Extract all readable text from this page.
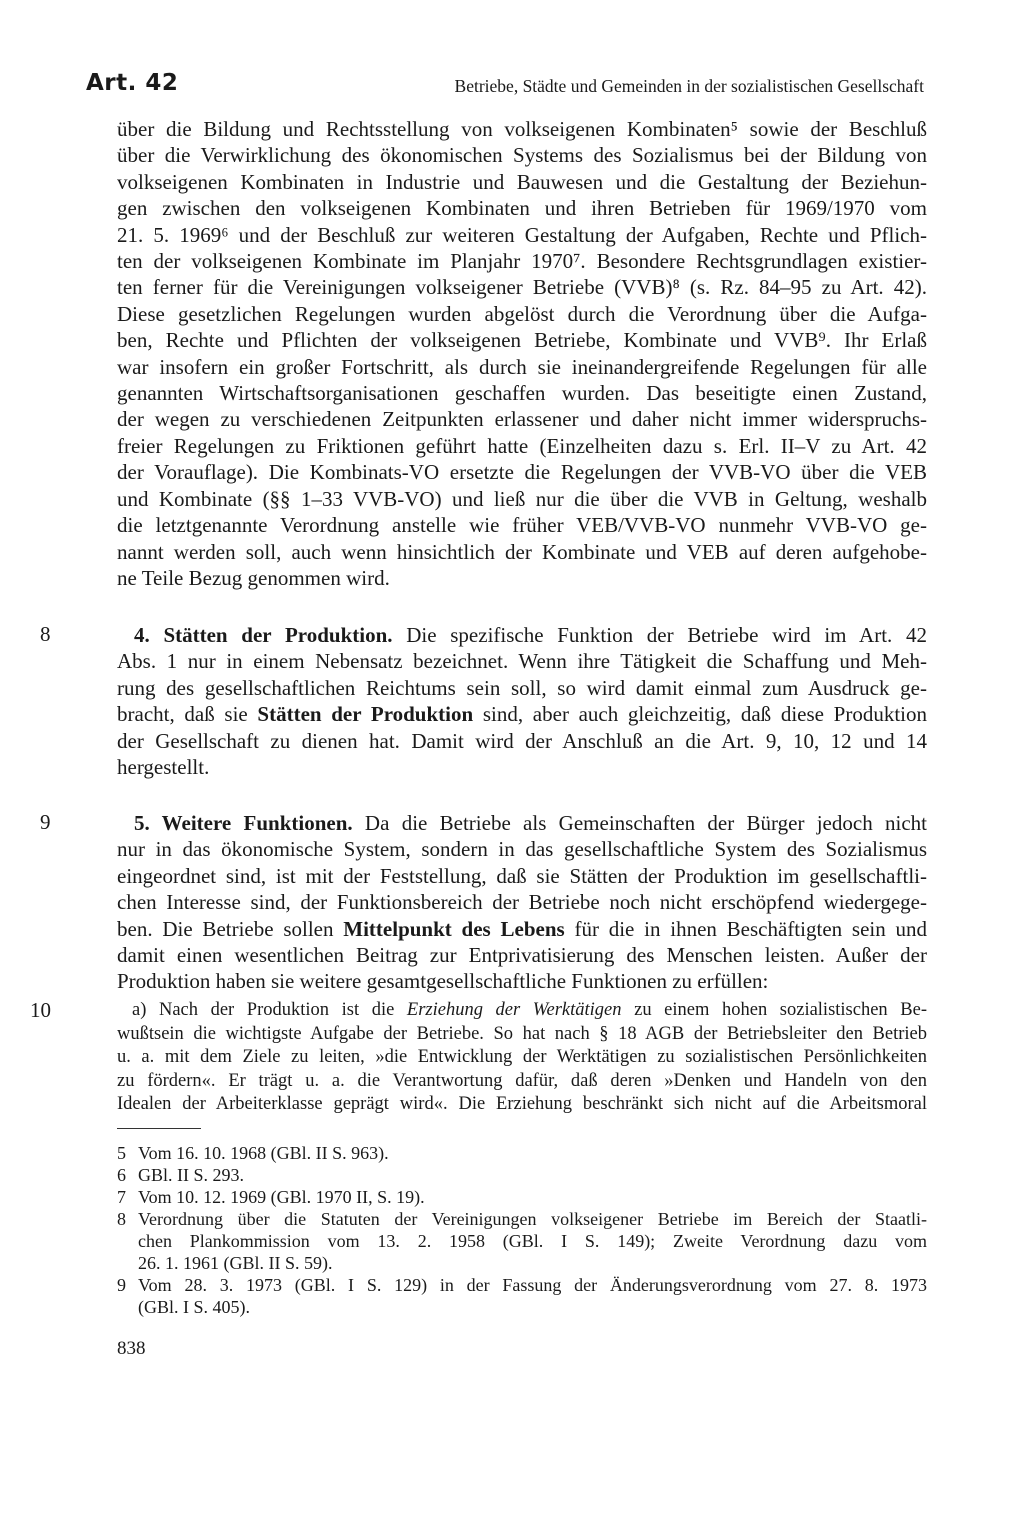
Art. 42	Betriebe, Städte und Gemeinden in der sozialistischen Gesellschaft
über die Bildung und Rechtsstellung von volkseigenen Kombinaten⁵ sowie der Beschluß
über die Verwirklichung des ökonomischen Systems des Sozialismus bei der Bildung von
volkseigenen Kombinaten in Industrie und Bauwesen und die Gestaltung der Beziehun-
gen zwischen den volkseigenen Kombinaten und ihren Betrieben für 1969/1970 vom
21. 5. 1969⁶ und der Beschluß zur weiteren Gestaltung der Aufgaben, Rechte und Pflich-
ten der volkseigenen Kombinate im Planjahr 1970⁷. Besondere Rechtsgrundlagen existier-
ten ferner für die Vereinigungen volkseigener Betriebe (VVB)⁸ (s. Rz. 84–95 zu Art. 42).
Diese gesetzlichen Regelungen wurden abgelöst durch die Verordnung über die Aufga-
ben, Rechte und Pflichten der volkseigenen Betriebe, Kombinate und VVB⁹. Ihr Erlaß
war insofern ein großer Fortschritt, als durch sie ineinandergreifende Regelungen für alle
genannten Wirtschaftsorganisationen geschaffen wurden. Das beseitigte einen Zustand,
der wegen zu verschiedenen Zeitpunkten erlassener und daher nicht immer widerspruchs-
freier Regelungen zu Friktionen geführt hatte (Einzelheiten dazu s. Erl. II–V zu Art. 42
der Vorauflage). Die Kombinats-VO ersetzte die Regelungen der VVB-VO über die VEB
und Kombinate (§§ 1–33 VVB-VO) und ließ nur die über die VVB in Geltung, weshalb
die letztgenannte Verordnung anstelle wie früher VEB/VVB-VO nunmehr VVB-VO ge-
nannt werden soll, auch wenn hinsichtlich der Kombinate und VEB auf deren aufgehobe-
ne Teile Bezug genommen wird.
8	4. Stätten der Produktion. Die spezifische Funktion der Betriebe wird im Art. 42
Abs. 1 nur in einem Nebensatz bezeichnet. Wenn ihre Tätigkeit die Schaffung und Meh-
rung des gesellschaftlichen Reichtums sein soll, so wird damit einmal zum Ausdruck ge-
bracht, daß sie Stätten der Produktion sind, aber auch gleichzeitig, daß diese Produktion
der Gesellschaft zu dienen hat. Damit wird der Anschluß an die Art. 9, 10, 12 und 14
hergestellt.
9	5. Weitere Funktionen. Da die Betriebe als Gemeinschaften der Bürger jedoch nicht
nur in das ökonomische System, sondern in das gesellschaftliche System des Sozialismus
eingeordnet sind, ist mit der Feststellung, daß sie Stätten der Produktion im gesellschaftli-
chen Interesse sind, der Funktionsbereich der Betriebe noch nicht erschöpfend wiedergege-
ben. Die Betriebe sollen Mittelpunkt des Lebens für die in ihnen Beschäftigten sein und
damit einen wesentlichen Beitrag zur Entprivatisierung des Menschen leisten. Außer der
Produktion haben sie weitere gesamtgesellschaftliche Funktionen zu erfüllen:
10	a) Nach der Produktion ist die Erziehung der Werktätigen zu einem hohen sozialistischen Be-
wußtsein die wichtigste Aufgabe der Betriebe. So hat nach § 18 AGB der Betriebsleiter den Betrieb
u. a. mit dem Ziele zu leiten, »die Entwicklung der Werktätigen zu sozialistischen Persönlichkeiten
zu fördern«. Er trägt u. a. die Verantwortung dafür, daß deren »Denken und Handeln von den
Idealen der Arbeiterklasse geprägt wird«. Die Erziehung beschränkt sich nicht auf die Arbeitsmoral
5 Vom 16. 10. 1968 (GBl. II S. 963).
6 GBl. II S. 293.
7 Vom 10. 12. 1969 (GBl. 1970 II, S. 19).
8 Verordnung über die Statuten der Vereinigungen volkseigener Betriebe im Bereich der Staatli-
chen Plankommission vom 13. 2. 1958 (GBl. I S. 149); Zweite Verordnung dazu vom
26. 1. 1961 (GBl. II S. 59).
9 Vom 28. 3. 1973 (GBl. I S. 129) in der Fassung der Änderungsverordnung vom 27. 8. 1973
(GBl. I S. 405).
838
